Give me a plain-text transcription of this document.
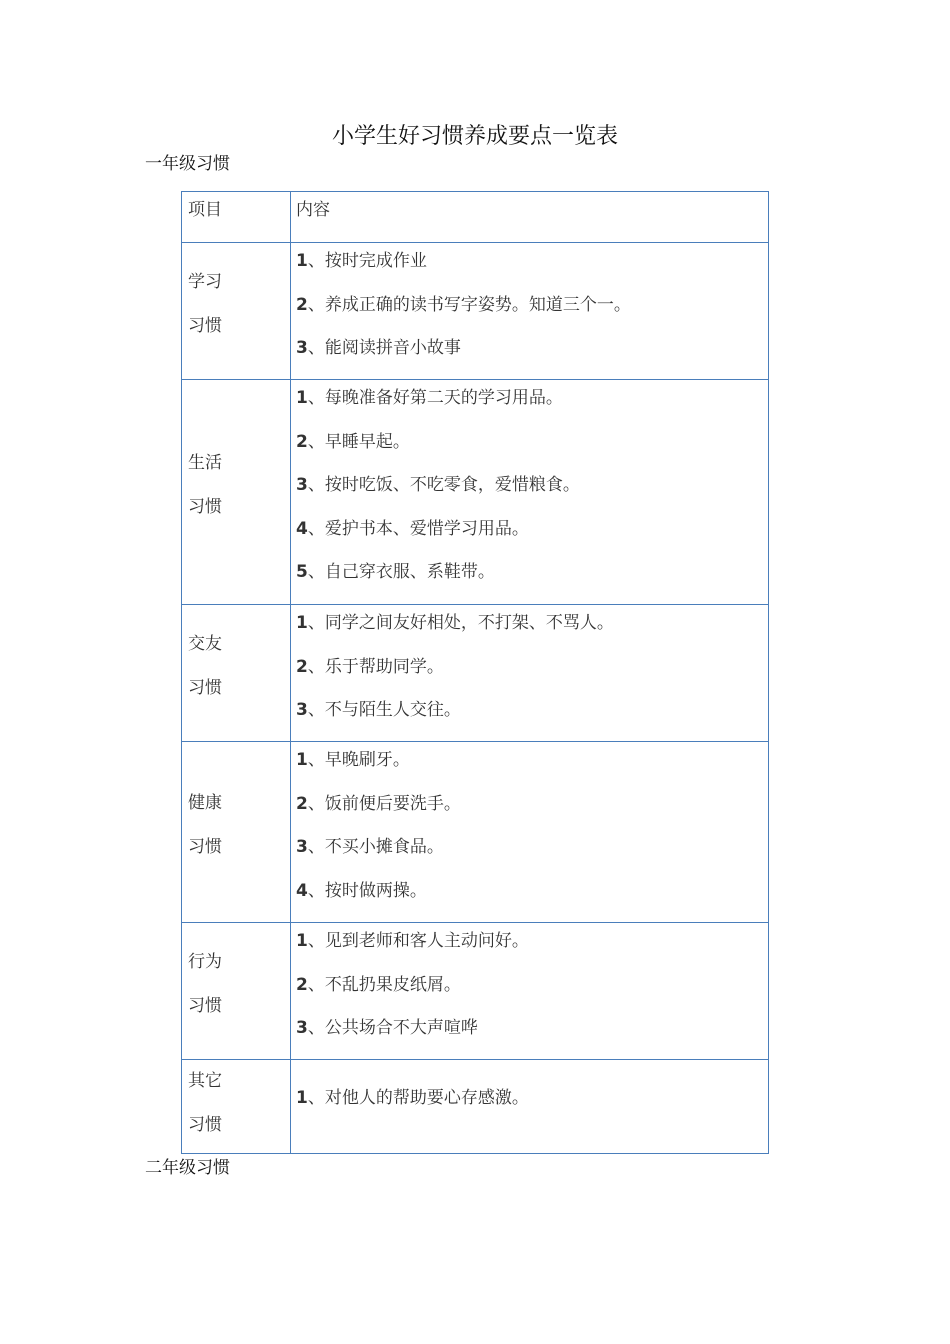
小学生好习惯养成要点一览表
一年级习惯
项目	内容

学习
习惯	1、按时完成作业
2、养成正确的读书写字姿势。知道三个一。
3、能阅读拼音小故事

生活
习惯	1、每晚准备好第二天的学习用品。
2、早睡早起。
3、按时吃饭、不吃零食，爱惜粮食。
4、爱护书本、爱惜学习用品。
5、自己穿衣服、系鞋带。

交友
习惯	1、同学之间友好相处，不打架、不骂人。
2、乐于帮助同学。
3、不与陌生人交往。

健康
习惯	1、早晚刷牙。
2、饭前便后要洗手。
3、不买小摊食品。
4、按时做两操。

行为
习惯	1、见到老师和客人主动问好。
2、不乱扔果皮纸屑。
3、公共场合不大声喧哗

其它
习惯	1、对他人的帮助要心存感激。
二年级习惯
